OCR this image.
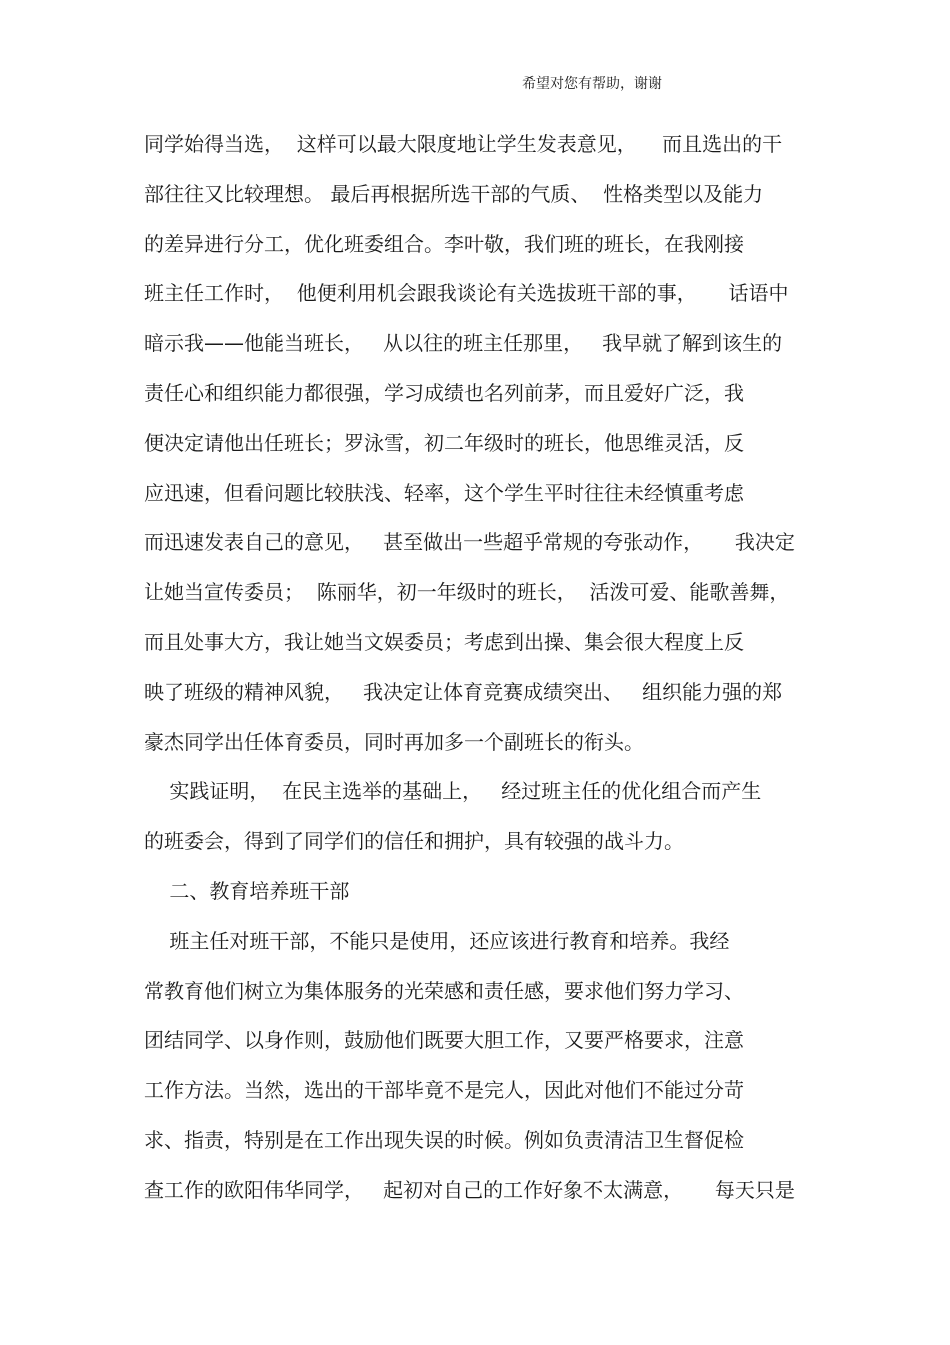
希望对您有帮助，谢谢
同学始得当选，  这样可以最大限度地让学生发表意见，    而且选出的干
部往往又比较理想。 最后再根据所选干部的气质、  性格类型以及能力
的差异进行分工，优化班委组合。李叶敬，我们班的班长，在我刚接
班主任工作时，  他便利用机会跟我谈论有关选拔班干部的事，     话语中
暗示我——他能当班长，   从以往的班主任那里，   我早就了解到该生的
责任心和组织能力都很强，学习成绩也名列前茅，而且爱好广泛，我
便决定请他出任班长；罗泳雪，初二年级时的班长，他思维灵活，反
应迅速，但看问题比较肤浅、轻率，这个学生平时往往未经慎重考虑
而迅速发表自己的意见，   甚至做出一些超乎常规的夸张动作，     我决定
让她当宣传委员；  陈丽华，初一年级时的班长，  活泼可爱、能歌善舞，
而且处事大方，我让她当文娱委员；考虑到出操、集会很大程度上反
映了班级的精神风貌，   我决定让体育竞赛成绩突出、   组织能力强的郑
豪杰同学出任体育委员，同时再加多一个副班长的衔头。
实践证明，  在民主选举的基础上，   经过班主任的优化组合而产生
的班委会，得到了同学们的信任和拥护，具有较强的战斗力。
二、教育培养班干部
班主任对班干部，不能只是使用，还应该进行教育和培养。我经
常教育他们树立为集体服务的光荣感和责任感，要求他们努力学习、
团结同学、以身作则，鼓励他们既要大胆工作，又要严格要求，注意
工作方法。当然，选出的干部毕竟不是完人，因此对他们不能过分苛
求、指责，特别是在工作出现失误的时候。例如负责清洁卫生督促检
查工作的欧阳伟华同学，   起初对自己的工作好象不太满意，     每天只是
